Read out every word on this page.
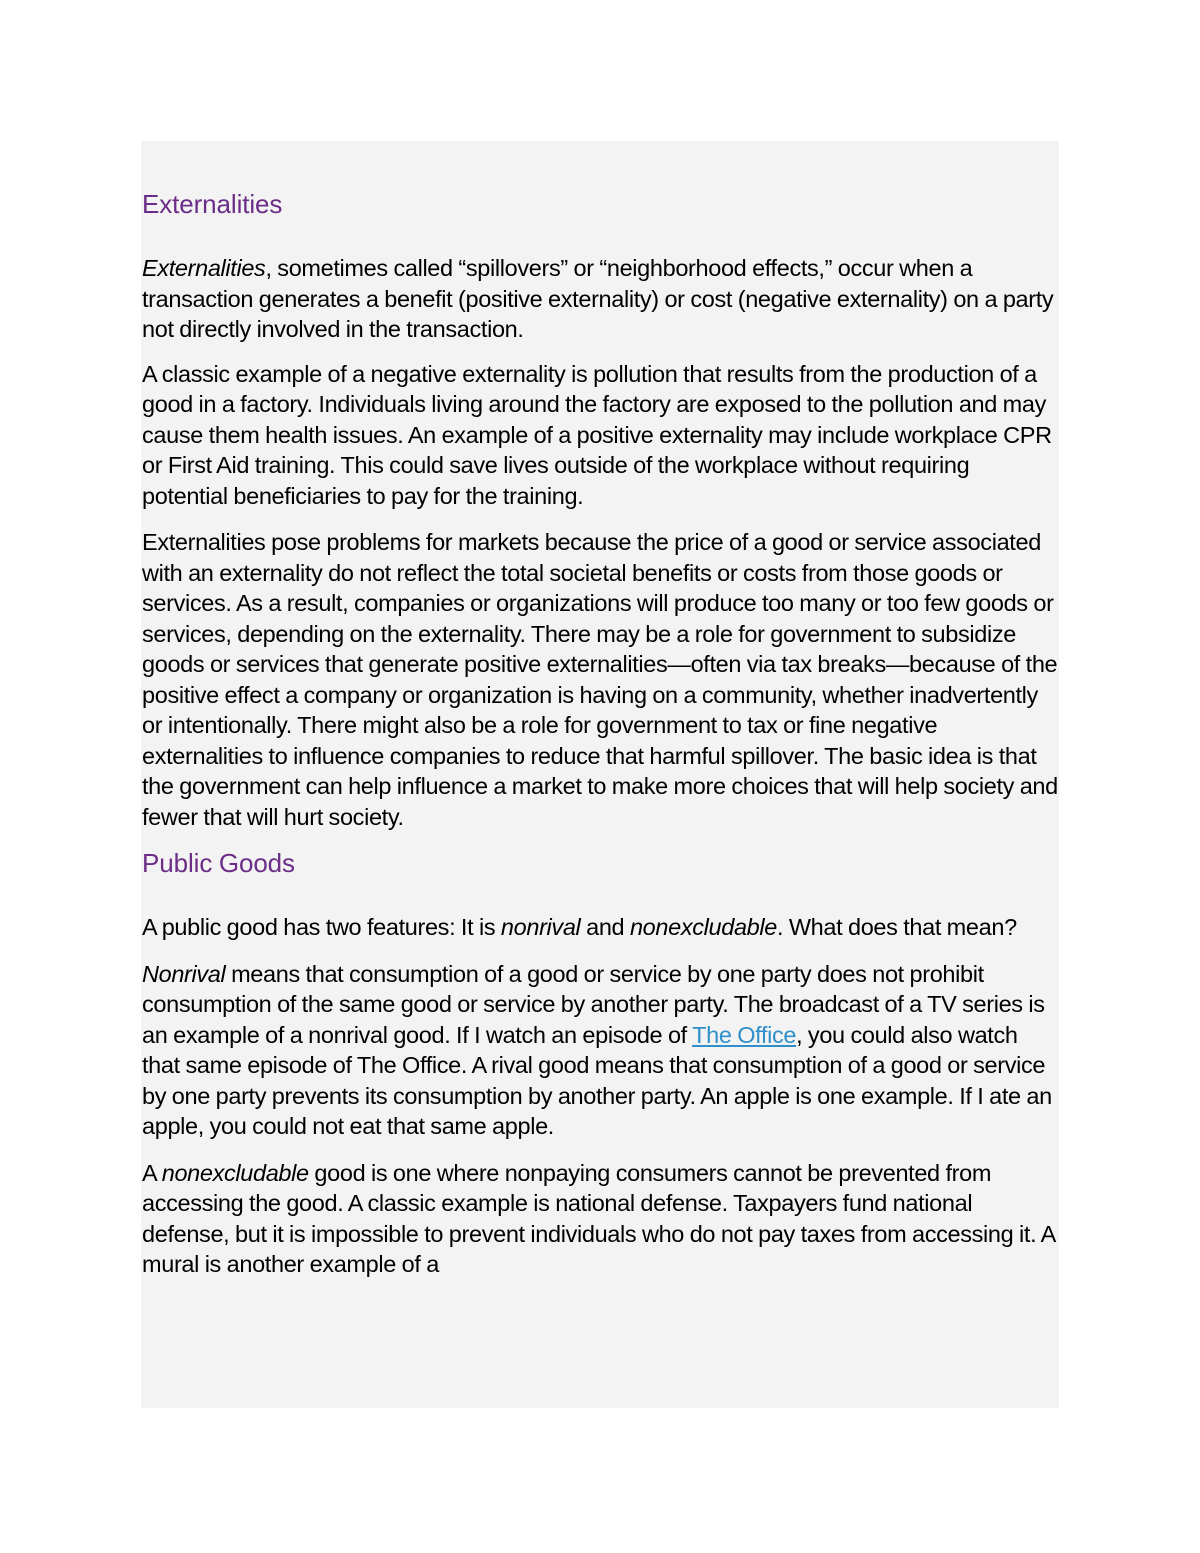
Externalities

Externalities, sometimes called “spillovers” or “neighborhood effects,” occur when a transaction generates a benefit (positive externality) or cost (negative externality) on a party not directly involved in the transaction.

A classic example of a negative externality is pollution that results from the production of a good in a factory. Individuals living around the factory are exposed to the pollution and may cause them health issues. An example of a positive externality may include workplace CPR or First Aid training. This could save lives outside of the workplace without requiring potential beneficiaries to pay for the training.

Externalities pose problems for markets because the price of a good or service associated with an externality do not reflect the total societal benefits or costs from those goods or services. As a result, companies or organizations will produce too many or too few goods or services, depending on the externality. There may be a role for government to subsidize goods or services that generate positive externalities—often via tax breaks—because of the positive effect a company or organization is having on a community, whether inadvertently or intentionally. There might also be a role for government to tax or fine negative externalities to influence companies to reduce that harmful spillover. The basic idea is that the government can help influence a market to make more choices that will help society and fewer that will hurt society.

Public Goods

A public good has two features: It is nonrival and nonexcludable. What does that mean?

Nonrival means that consumption of a good or service by one party does not prohibit consumption of the same good or service by another party. The broadcast of a TV series is an example of a nonrival good. If I watch an episode of The Office, you could also watch that same episode of The Office. A rival good means that consumption of a good or service by one party prevents its consumption by another party. An apple is one example. If I ate an apple, you could not eat that same apple.

A nonexcludable good is one where nonpaying consumers cannot be prevented from accessing the good. A classic example is national defense. Taxpayers fund national defense, but it is impossible to prevent individuals who do not pay taxes from accessing it. A mural is another example of a
